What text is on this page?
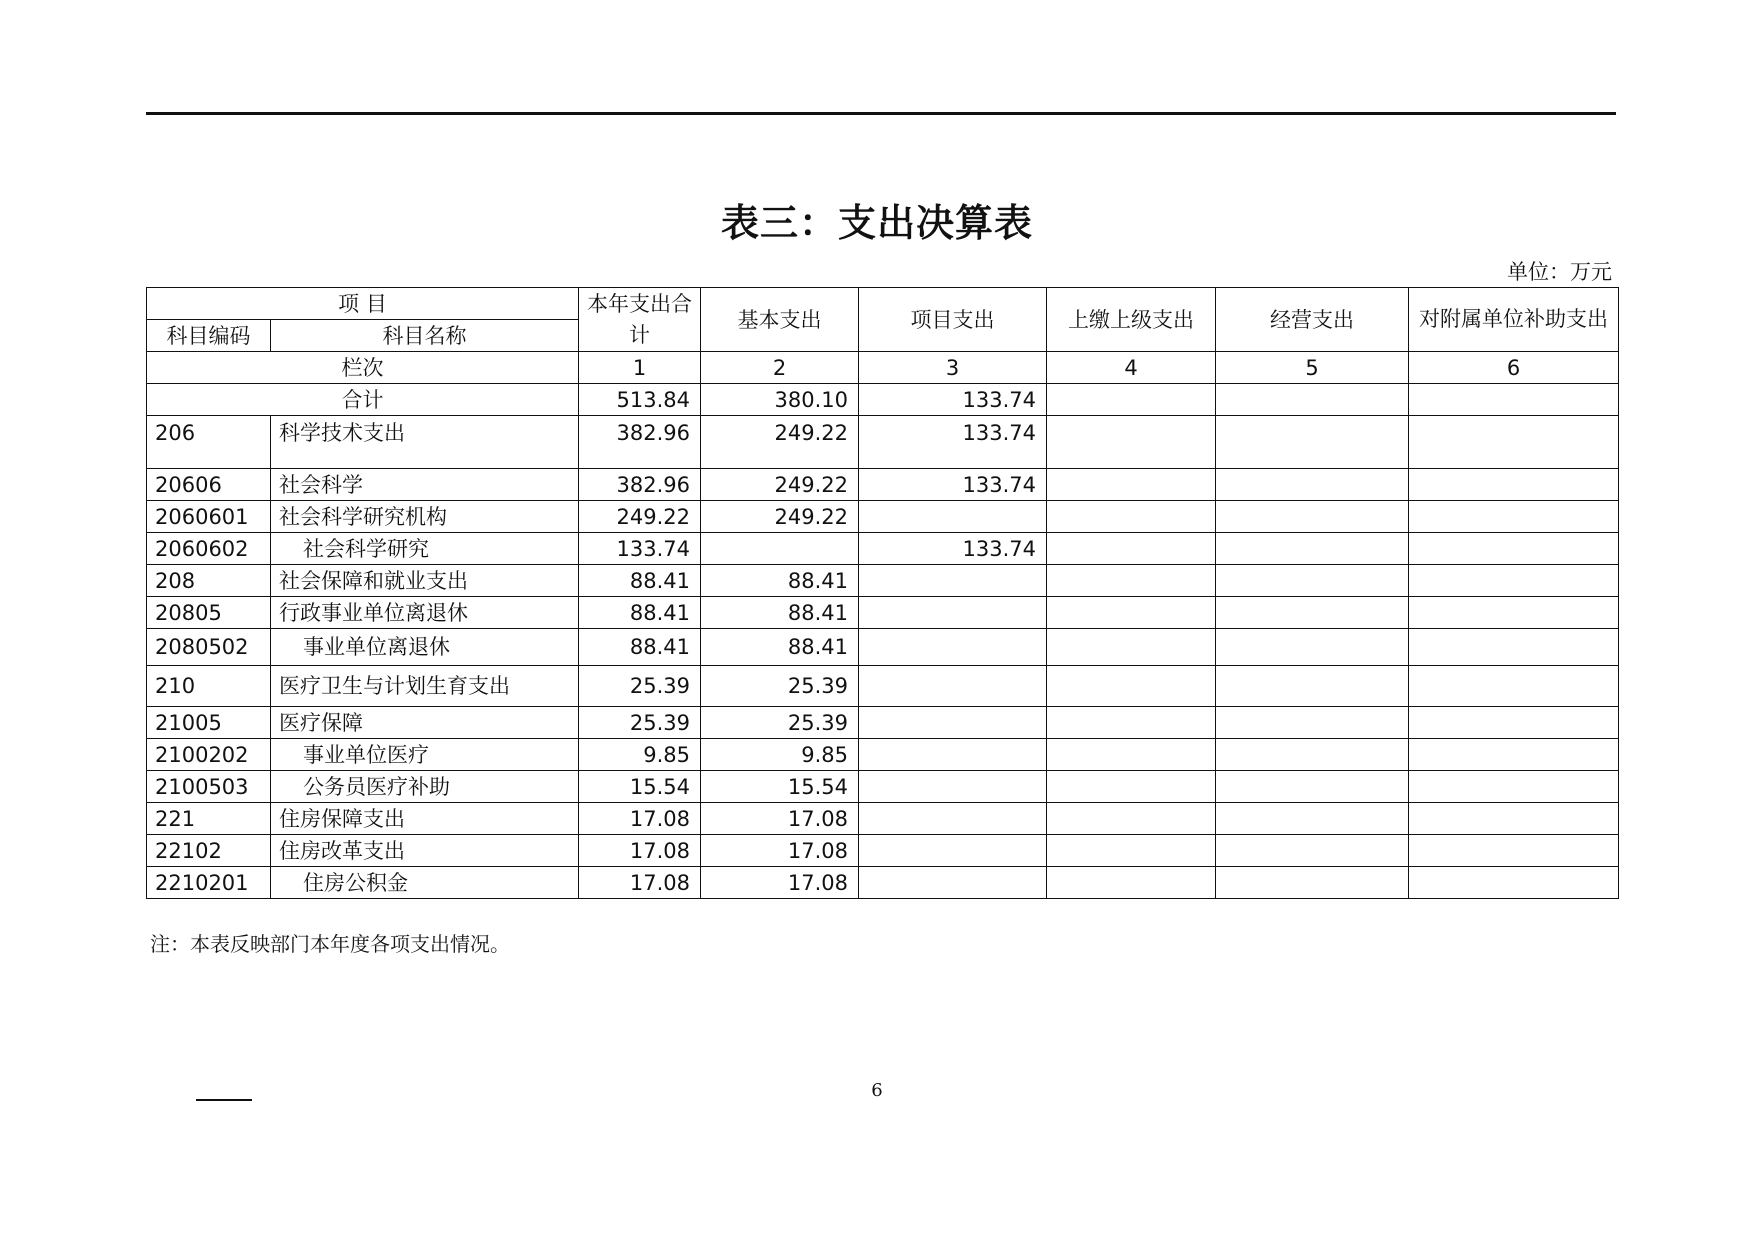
表三：支出决算表
单位：万元
项 目		本年支出合计	基本支出	项目支出	上缴上级支出	经营支出	对附属单位补助支出
科目编码	科目名称						
栏次		1	2	3	4	5	6
合计		513.84	380.10	133.74			
206	科学技术支出	382.96	249.22	133.74			
20606	社会科学	382.96	249.22	133.74			
2060601	社会科学研究机构	249.22	249.22				
2060602	社会科学研究	133.74		133.74			
208	社会保障和就业支出	88.41	88.41				
20805	行政事业单位离退休	88.41	88.41				
2080502	事业单位离退休	88.41	88.41				
210	医疗卫生与计划生育支出	25.39	25.39				
21005	医疗保障	25.39	25.39				
2100202	事业单位医疗	9.85	9.85				
2100503	公务员医疗补助	15.54	15.54				
221	住房保障支出	17.08	17.08				
22102	住房改革支出	17.08	17.08				
2210201	住房公积金	17.08	17.08				
注：本表反映部门本年度各项支出情况。
6
